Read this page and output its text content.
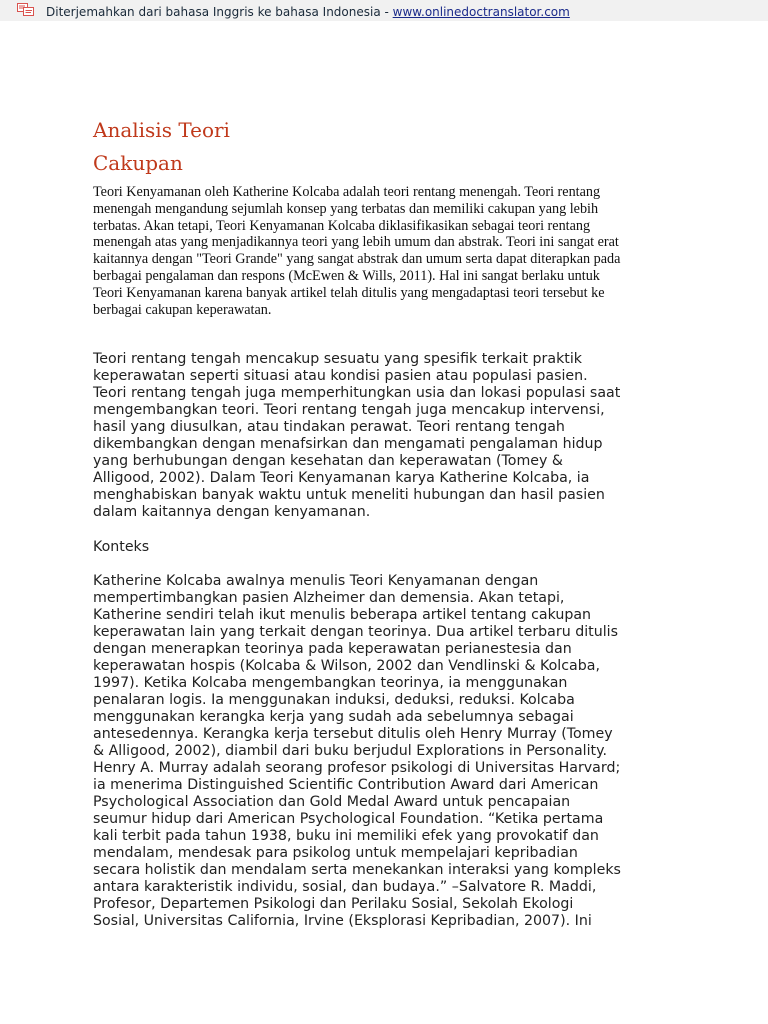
Diterjemahkan dari bahasa Inggris ke bahasa Indonesia - www.onlinedoctranslator.com
Analisis Teori
Cakupan
Teori Kenyamanan oleh Katherine Kolcaba adalah teori rentang menengah. Teori rentang
menengah mengandung sejumlah konsep yang terbatas dan memiliki cakupan yang lebih
terbatas. Akan tetapi, Teori Kenyamanan Kolcaba diklasifikasikan sebagai teori rentang
menengah atas yang menjadikannya teori yang lebih umum dan abstrak. Teori ini sangat erat
kaitannya dengan "Teori Grande" yang sangat abstrak dan umum serta dapat diterapkan pada
berbagai pengalaman dan respons (McEwen & Wills, 2011). Hal ini sangat berlaku untuk
Teori Kenyamanan karena banyak artikel telah ditulis yang mengadaptasi teori tersebut ke
berbagai cakupan keperawatan.
Teori rentang tengah mencakup sesuatu yang spesifik terkait praktik
keperawatan seperti situasi atau kondisi pasien atau populasi pasien.
Teori rentang tengah juga memperhitungkan usia dan lokasi populasi saat
mengembangkan teori. Teori rentang tengah juga mencakup intervensi,
hasil yang diusulkan, atau tindakan perawat. Teori rentang tengah
dikembangkan dengan menafsirkan dan mengamati pengalaman hidup
yang berhubungan dengan kesehatan dan keperawatan (Tomey &
Alligood, 2002). Dalam Teori Kenyamanan karya Katherine Kolcaba, ia
menghabiskan banyak waktu untuk meneliti hubungan dan hasil pasien
dalam kaitannya dengan kenyamanan.
Konteks
Katherine Kolcaba awalnya menulis Teori Kenyamanan dengan
mempertimbangkan pasien Alzheimer dan demensia. Akan tetapi,
Katherine sendiri telah ikut menulis beberapa artikel tentang cakupan
keperawatan lain yang terkait dengan teorinya. Dua artikel terbaru ditulis
dengan menerapkan teorinya pada keperawatan perianestesia dan
keperawatan hospis (Kolcaba & Wilson, 2002 dan Vendlinski & Kolcaba,
1997). Ketika Kolcaba mengembangkan teorinya, ia menggunakan
penalaran logis. Ia menggunakan induksi, deduksi, reduksi. Kolcaba
menggunakan kerangka kerja yang sudah ada sebelumnya sebagai
antesedennya. Kerangka kerja tersebut ditulis oleh Henry Murray (Tomey
& Alligood, 2002), diambil dari buku berjudul Explorations in Personality.
Henry A. Murray adalah seorang profesor psikologi di Universitas Harvard;
ia menerima Distinguished Scientific Contribution Award dari American
Psychological Association dan Gold Medal Award untuk pencapaian
seumur hidup dari American Psychological Foundation. “Ketika pertama
kali terbit pada tahun 1938, buku ini memiliki efek yang provokatif dan
mendalam, mendesak para psikolog untuk mempelajari kepribadian
secara holistik dan mendalam serta menekankan interaksi yang kompleks
antara karakteristik individu, sosial, dan budaya.” –Salvatore R. Maddi,
Profesor, Departemen Psikologi dan Perilaku Sosial, Sekolah Ekologi
Sosial, Universitas California, Irvine (Eksplorasi Kepribadian, 2007). Ini
